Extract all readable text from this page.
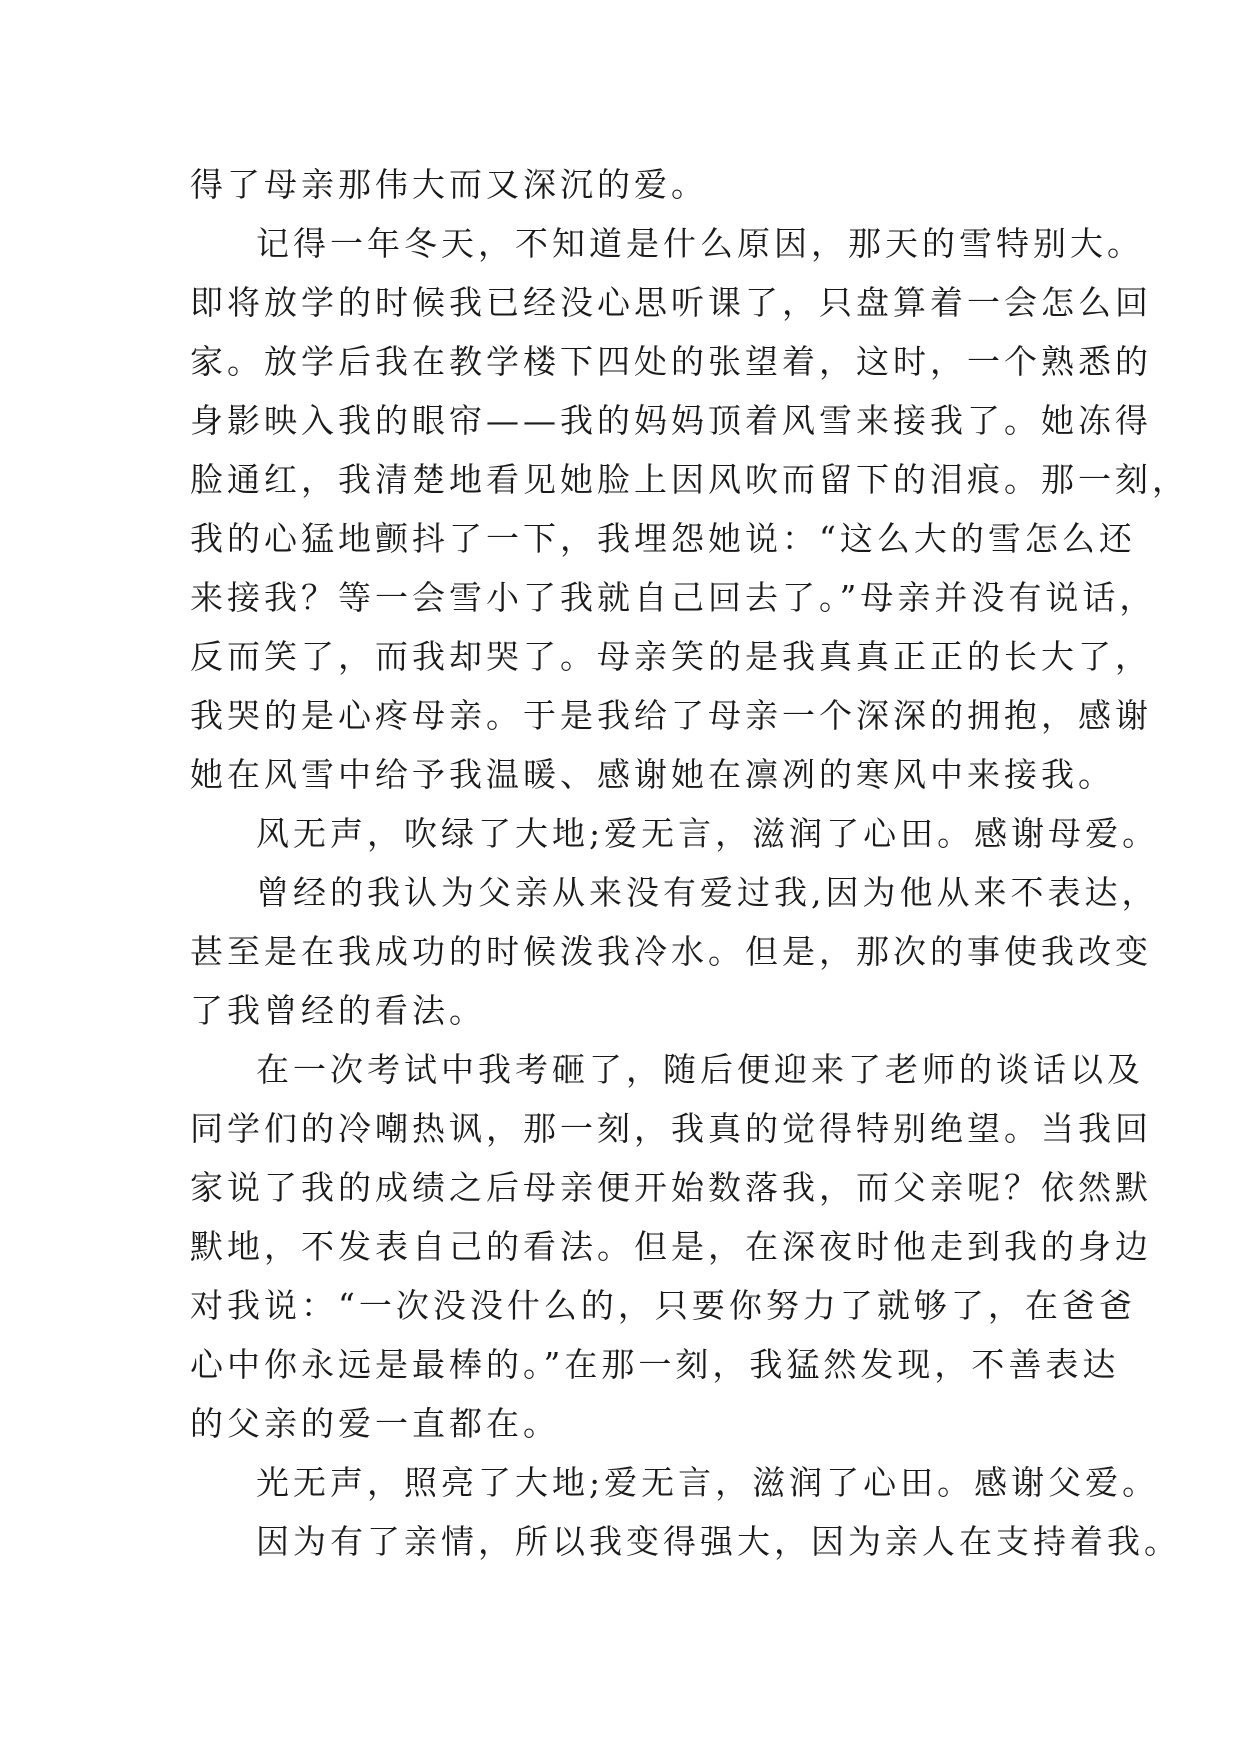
得了母亲那伟大而又深沉的爱。
记得一年冬天，不知道是什么原因，那天的雪特别大。
即将放学的时候我已经没心思听课了，只盘算着一会怎么回
家。放学后我在教学楼下四处的张望着，这时，一个熟悉的
身影映入我的眼帘——我的妈妈顶着风雪来接我了。她冻得
脸通红，我清楚地看见她脸上因风吹而留下的泪痕。那一刻，
我的心猛地颤抖了一下，我埋怨她说：“这么大的雪怎么还
来接我？等一会雪小了我就自己回去了。”母亲并没有说话，
反而笑了，而我却哭了。母亲笑的是我真真正正的长大了，
我哭的是心疼母亲。于是我给了母亲一个深深的拥抱，感谢
她在风雪中给予我温暖、感谢她在凛冽的寒风中来接我。
风无声，吹绿了大地;爱无言，滋润了心田。感谢母爱。
曾经的我认为父亲从来没有爱过我,因为他从来不表达，
甚至是在我成功的时候泼我冷水。但是，那次的事使我改变
了我曾经的看法。
在一次考试中我考砸了，随后便迎来了老师的谈话以及
同学们的冷嘲热讽，那一刻，我真的觉得特别绝望。当我回
家说了我的成绩之后母亲便开始数落我，而父亲呢？依然默
默地，不发表自己的看法。但是，在深夜时他走到我的身边
对我说：“一次没没什么的，只要你努力了就够了，在爸爸
心中你永远是最棒的。”在那一刻，我猛然发现，不善表达
的父亲的爱一直都在。
光无声，照亮了大地;爱无言，滋润了心田。感谢父爱。
因为有了亲情，所以我变得强大，因为亲人在支持着我。
